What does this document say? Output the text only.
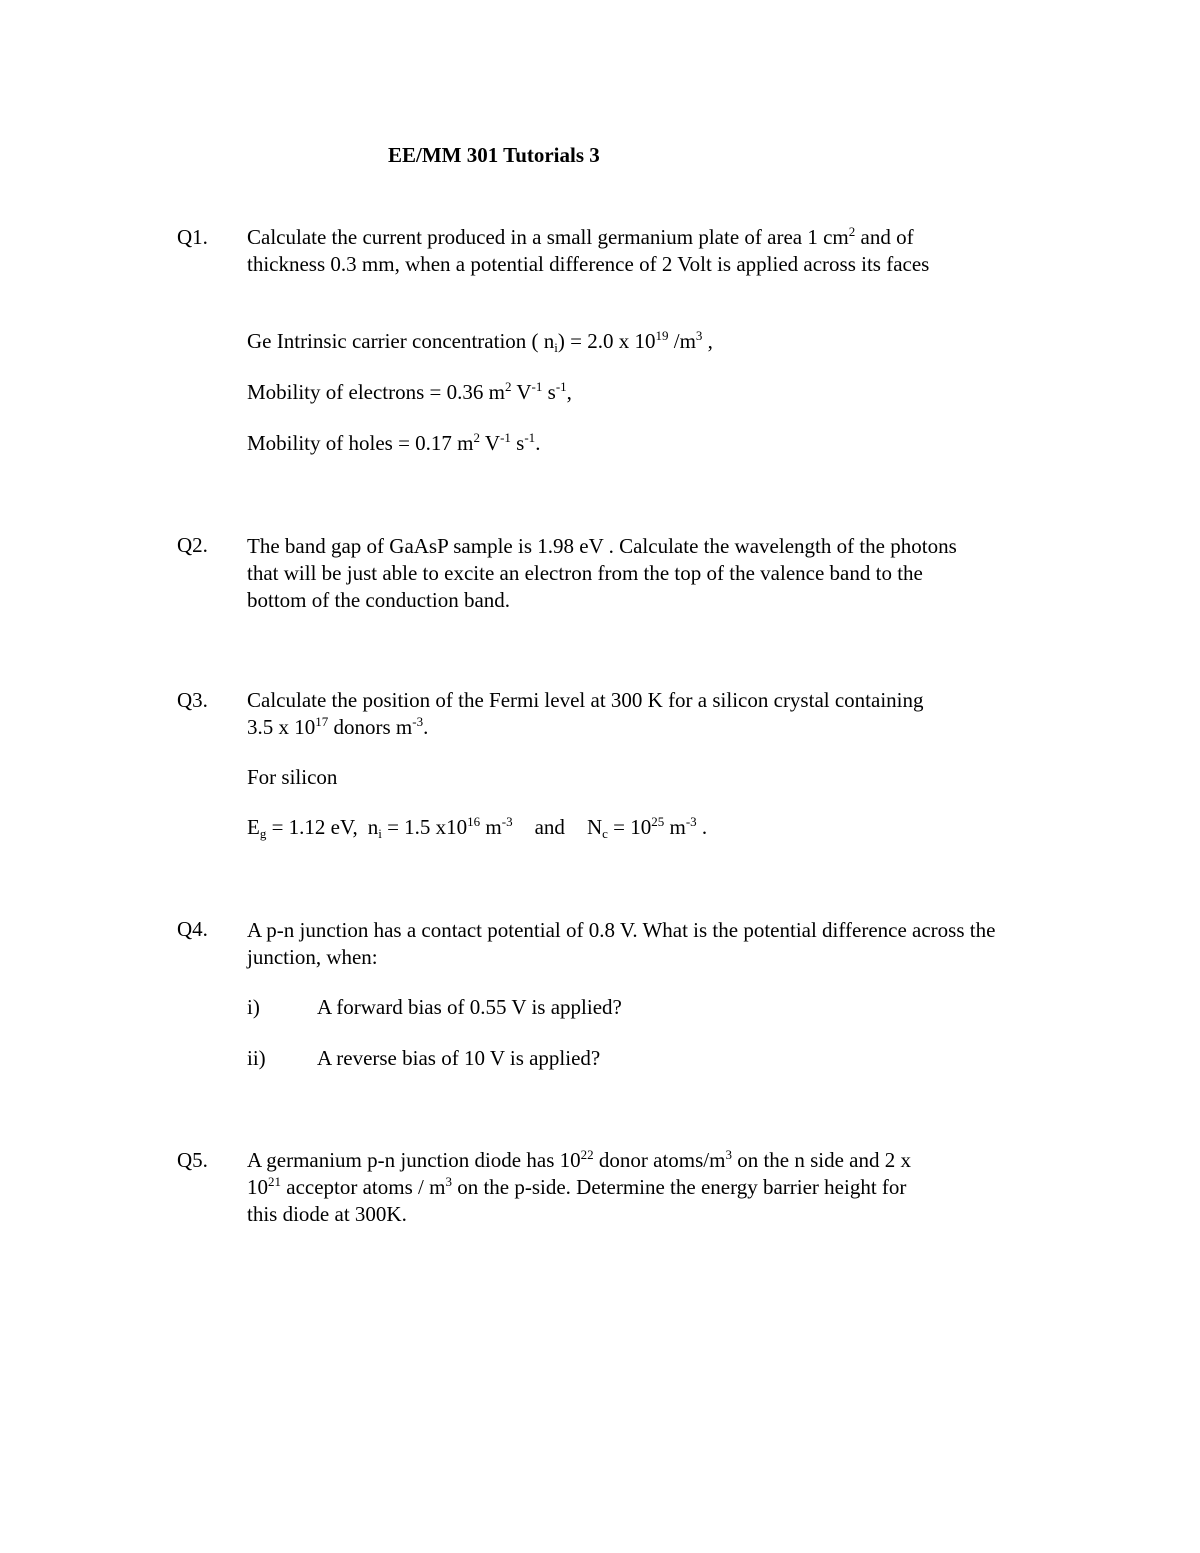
EE/MM 301 Tutorials 3
Q1. Calculate the current produced in a small germanium plate of area 1 $cm^2$ and of
thickness 0.3 mm, when a potential difference of 2 Volt is applied across its faces
Ge Intrinsic carrier concentration ( $n_i) = 2.0$ x $10^{19}$ $/m^3$ ,
Mobility of electrons = 0.36 $m^2$ $V^{-1}$ $s^{-1}$,
Mobility of holes = 0.17 $m^2$ $V^{-1}$ $s^{-1}$.
Q2. The band gap of GaAsP sample is 1.98 eV . Calculate the wavelength of the photons that will be just able to excite an electron from the top of the valence band to the bottom of the conduction band.
Q3. Calculate the position of the Fermi level at 300 K for a silicon crystal containing
3.5 x $10^{17}$ donors $m^{-3}$.
For silicon
$E_g = 1.12$ eV, $n_i = 1.5$ $x10^{16}$ $m^{-3}$ and $N_c = 10^{25}$ $m^{-3}$ .
Q4. A p-n junction has a contact potential of 0.8 V. What is the potential difference across the junction, when:
i)	A forward bias of 0.55 V is applied?
ii) A reverse bias of 10 V is applied?
Q5. A germanium p-n junction diode has $10^{22}$ donor atoms/$m^3$ on the n side and 2 x
$10^{21}$ acceptor atoms / $m^3$ on the p-side. Determine the energy barrier height for
this diode at 300K.
